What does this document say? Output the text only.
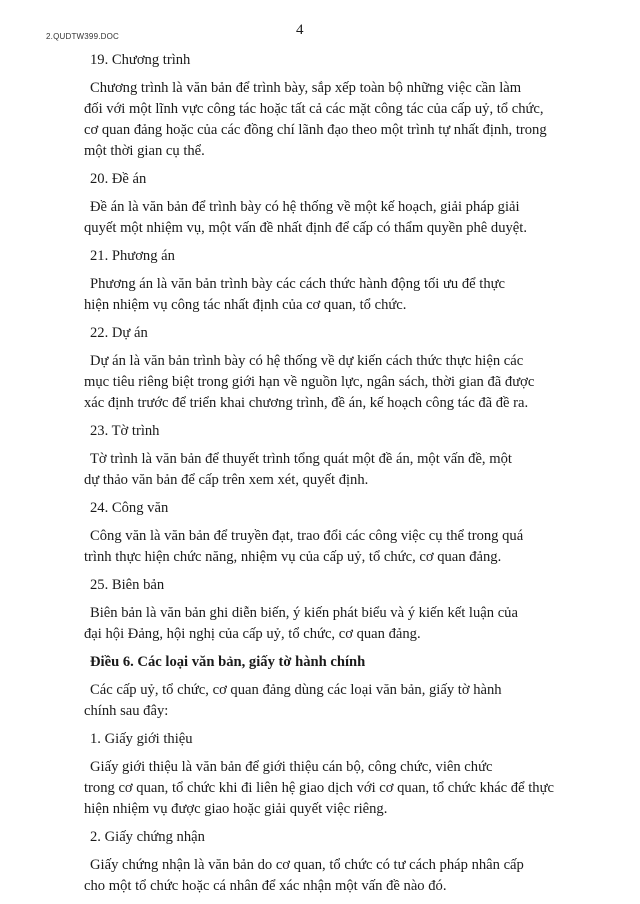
2.QUDTW399.DOC	4

19. Chương trình

Chương trình là văn bản để trình bày, sắp xếp toàn bộ những việc cần làm
đối với một lĩnh vực công tác hoặc tất cả các mặt công tác của cấp uỷ, tổ chức,
cơ quan đảng hoặc của các đồng chí lãnh đạo theo một trình tự nhất định, trong
một thời gian cụ thể.

20. Đề án

Đề án là văn bản để trình bày có hệ thống về một kế hoạch, giải pháp giải
quyết một nhiệm vụ, một vấn đề nhất định để cấp có thẩm quyền phê duyệt.

21. Phương án

Phương án là văn bản trình bày các cách thức hành động tối ưu để thực
hiện nhiệm vụ công tác nhất định của cơ quan, tổ chức.

22. Dự án

Dự án là văn bản trình bày có hệ thống về dự kiến cách thức thực hiện các
mục tiêu riêng biệt trong giới hạn về nguồn lực, ngân sách, thời gian đã được
xác định trước để triển khai chương trình, đề án, kế hoạch công tác đã đề ra.

23. Tờ trình

Tờ trình là văn bản để thuyết trình tổng quát một đề án, một vấn đề, một
dự thảo văn bản để cấp trên xem xét, quyết định.

24. Công văn

Công văn là văn bản để truyền đạt, trao đổi các công việc cụ thể trong quá
trình thực hiện chức năng, nhiệm vụ của cấp uỷ, tổ chức, cơ quan đảng.

25. Biên bản

Biên bản là văn bản ghi diễn biến, ý kiến phát biểu và ý kiến kết luận của
đại hội Đảng, hội nghị của cấp uỷ, tổ chức, cơ quan đảng.

Điều 6. Các loại văn bản, giấy tờ hành chính

Các cấp uỷ, tổ chức, cơ quan đảng dùng các loại văn bản, giấy tờ hành
chính sau đây:

1. Giấy giới thiệu

Giấy giới thiệu là văn bản để giới thiệu cán bộ, công chức, viên chức
trong cơ quan, tổ chức khi đi liên hệ giao dịch với cơ quan, tổ chức khác để thực
hiện nhiệm vụ được giao hoặc giải quyết việc riêng.

2. Giấy chứng nhận

Giấy chứng nhận là văn bản do cơ quan, tổ chức có tư cách pháp nhân cấp
cho một tổ chức hoặc cá nhân để xác nhận một vấn đề nào đó.
